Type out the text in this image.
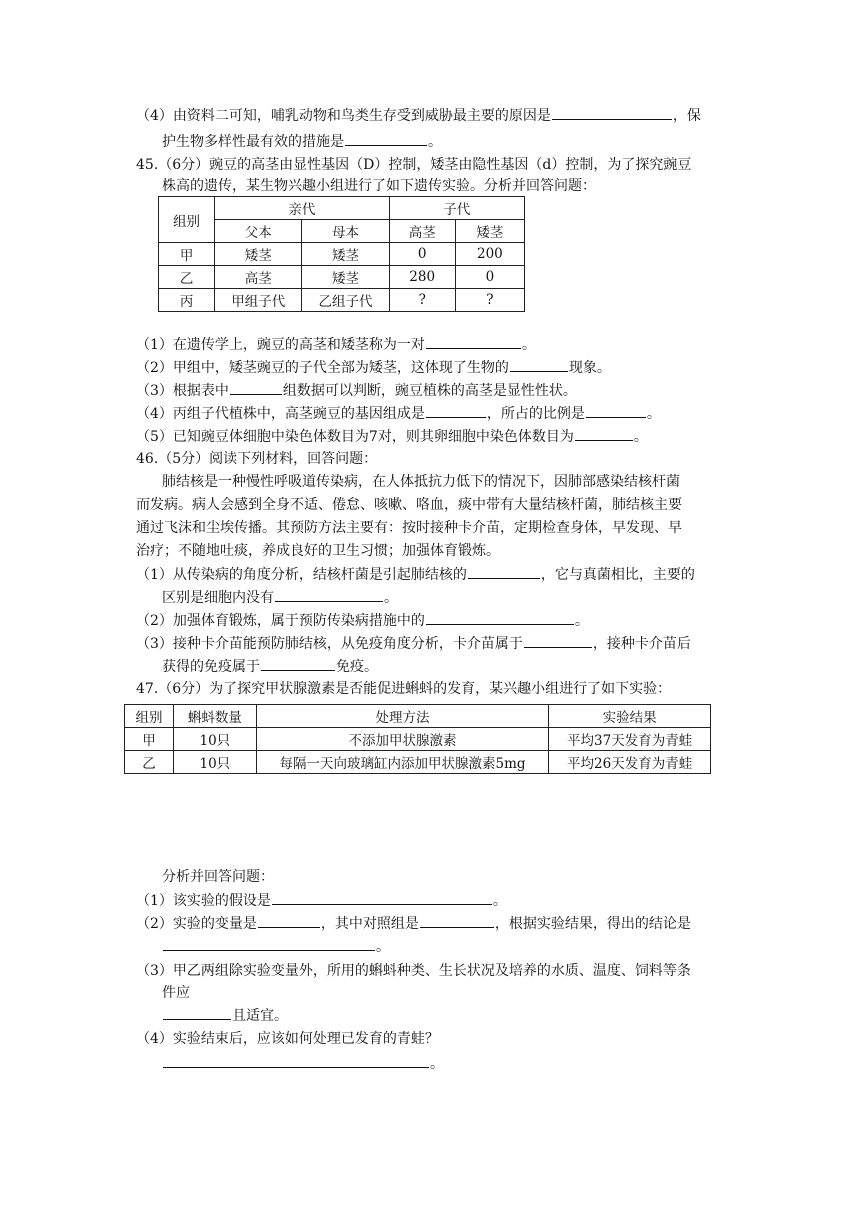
（4）由资料二可知，哺乳动物和鸟类生存受到威胁最主要的原因是	，保
护生物多样性最有效的措施是	。
45.（6分）豌豆的高茎由显性基因（D）控制，矮茎由隐性基因（d）控制，为了探究豌豆
株高的遗传，某生物兴趣小组进行了如下遗传实验。分析并回答问题：
组别	亲代		子代	
	父本	母本	高茎	矮茎
甲	矮茎	矮茎	0	200
乙	高茎	矮茎	280	0
丙	甲组子代	乙组子代	?	?
（1）在遗传学上，豌豆的高茎和矮茎称为一对	。
（2）甲组中，矮茎豌豆的子代全部为矮茎，这体现了生物的	现象。
（3）根据表中	组数据可以判断，豌豆植株的高茎是显性性状。
（4）丙组子代植株中，高茎豌豆的基因组成是	，所占的比例是	。
（5）已知豌豆体细胞中染色体数目为7对，则其卵细胞中染色体数目为	。
46.（5分）阅读下列材料，回答问题：
肺结核是一种慢性呼吸道传染病，在人体抵抗力低下的情况下，因肺部感染结核杆菌
而发病。病人会感到全身不适、倦怠、咳嗽、咯血，痰中带有大量结核杆菌，肺结核主要
通过飞沫和尘埃传播。其预防方法主要有：按时接种卡介苗，定期检查身体，早发现、早
治疗；不随地吐痰，养成良好的卫生习惯；加强体育锻炼。
（1）从传染病的角度分析，结核杆菌是引起肺结核的	，它与真菌相比，主要的
区别是细胞内没有	。
（2）加强体育锻炼，属于预防传染病措施中的	。
（3）接种卡介苗能预防肺结核，从免疫角度分析，卡介苗属于	，接种卡介苗后
获得的免疫属于	免疫。
47.（6分）为了探究甲状腺激素是否能促进蝌蚪的发育，某兴趣小组进行了如下实验：
组别	蝌蚪数量	处理方法	实验结果
甲	10只	不添加甲状腺激素	平均37天发育为青蛙
乙	10只	每隔一天向玻璃缸内添加甲状腺激素5mg	平均26天发育为青蛙
分析并回答问题：
（1）该实验的假设是	。
（2）实验的变量是	，其中对照组是	，根据实验结果，得出的结论是
。
（3）甲乙两组除实验变量外，所用的蝌蚪种类、生长状况及培养的水质、温度、饲料等条
件应
且适宜。
（4）实验结束后，应该如何处理已发育的青蛙？
。
